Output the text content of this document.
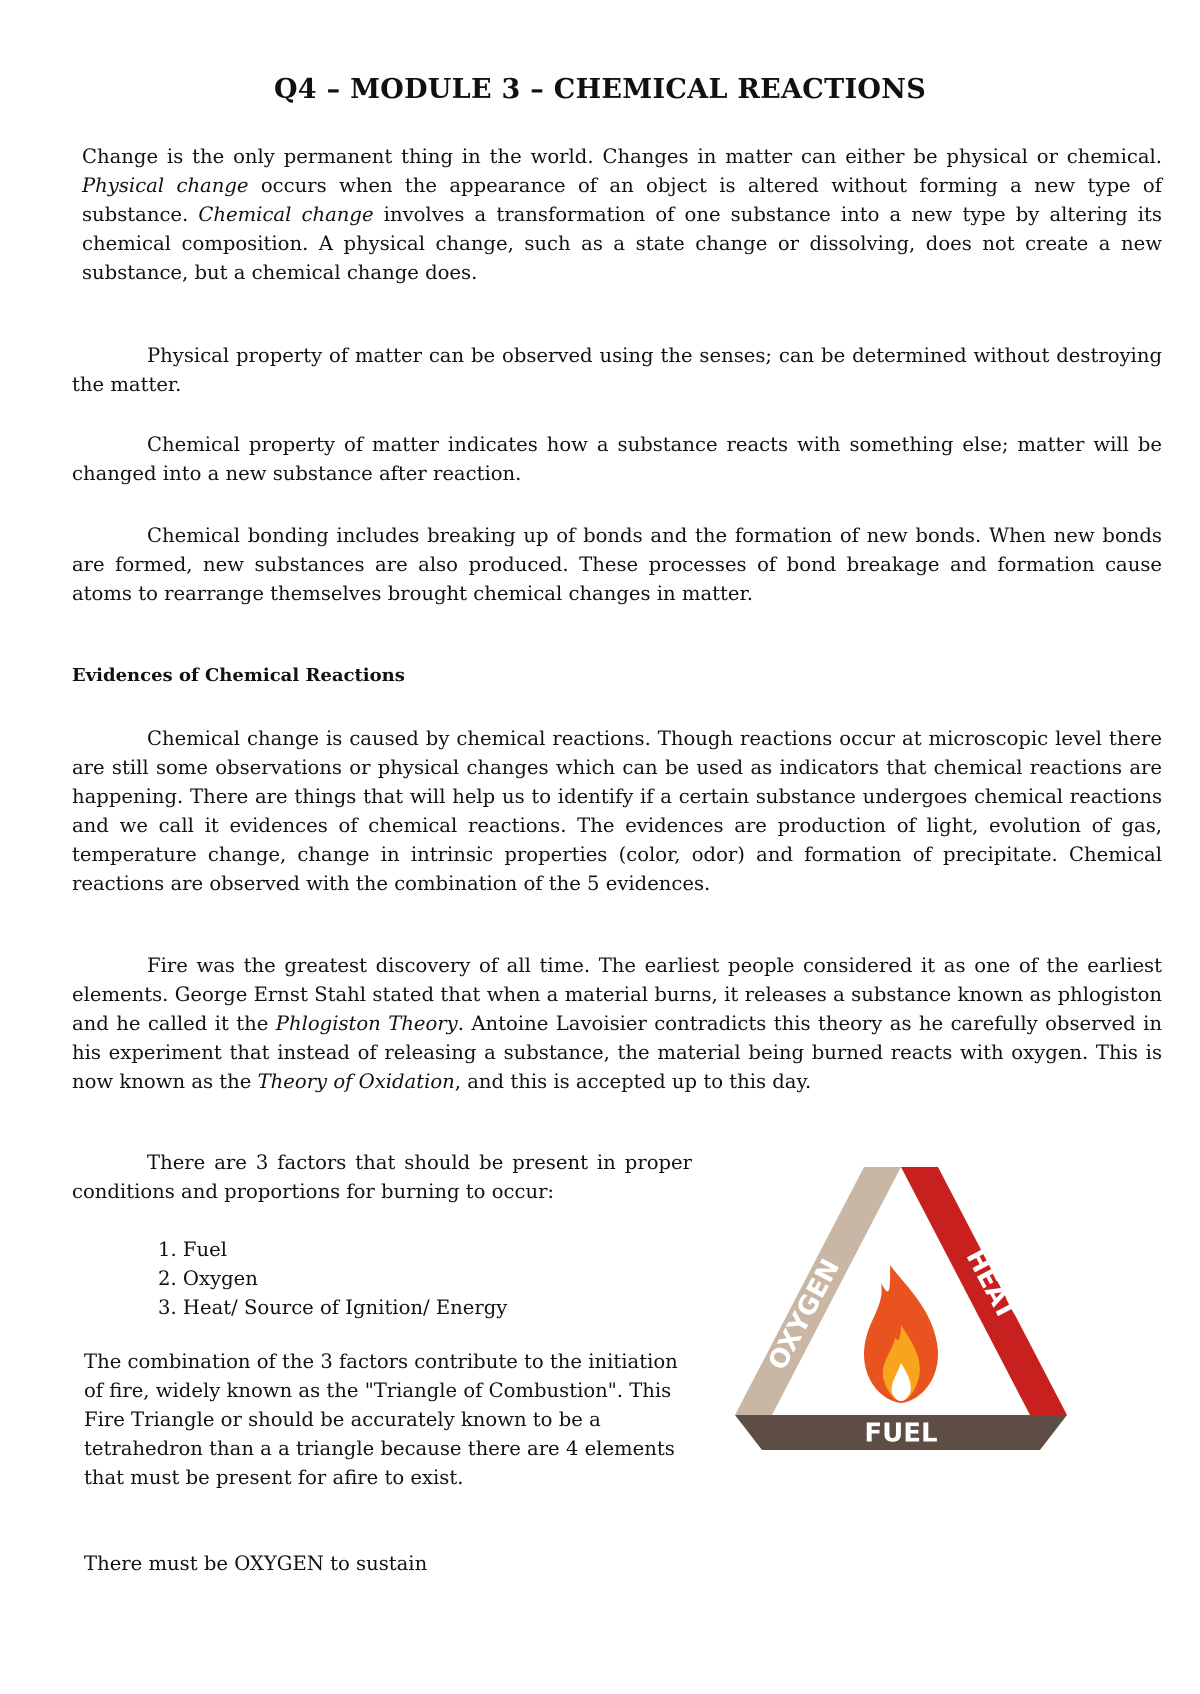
Q4 – MODULE 3 – CHEMICAL REACTIONS

Change is the only permanent thing in the world. Changes in matter can either be physical or chemical. Physical change occurs when the appearance of an object is altered without forming a new type of substance. Chemical change involves a transformation of one substance into a new type by altering its chemical composition. A physical change, such as a state change or dissolving, does not create a new substance, but a chemical change does.

Physical property of matter can be observed using the senses; can be determined without destroying the matter.

Chemical property of matter indicates how a substance reacts with something else; matter will be changed into a new substance after reaction.

Chemical bonding includes breaking up of bonds and the formation of new bonds. When new bonds are formed, new substances are also produced. These processes of bond breakage and formation cause atoms to rearrange themselves brought chemical changes in matter.

Evidences of Chemical Reactions

Chemical change is caused by chemical reactions. Though reactions occur at microscopic level there are still some observations or physical changes which can be used as indicators that chemical reactions are happening. There are things that will help us to identify if a certain substance undergoes chemical reactions and we call it evidences of chemical reactions. The evidences are production of light, evolution of gas, temperature change, change in intrinsic properties (color, odor) and formation of precipitate. Chemical reactions are observed with the combination of the 5 evidences.

Fire was the greatest discovery of all time. The earliest people considered it as one of the earliest elements. George Ernst Stahl stated that when a material burns, it releases a substance known as phlogiston and he called it the Phlogiston Theory. Antoine Lavoisier contradicts this theory as he carefully observed in his experiment that instead of releasing a substance, the material being burned reacts with oxygen. This is now known as the Theory of Oxidation, and this is accepted up to this day.

There are 3 factors that should be present in proper conditions and proportions for burning to occur:

1. Fuel
2. Oxygen
3. Heat/ Source of Ignition/ Energy

The combination of the 3 factors contribute to the initiation of fire, widely known as the "Triangle of Combustion". This Fire Triangle or should be accurately known to be a tetrahedron than a a triangle because there are 4 elements that must be present for afire to exist.

There must be OXYGEN to sustain

OXYGEN	HEAT
FUEL
